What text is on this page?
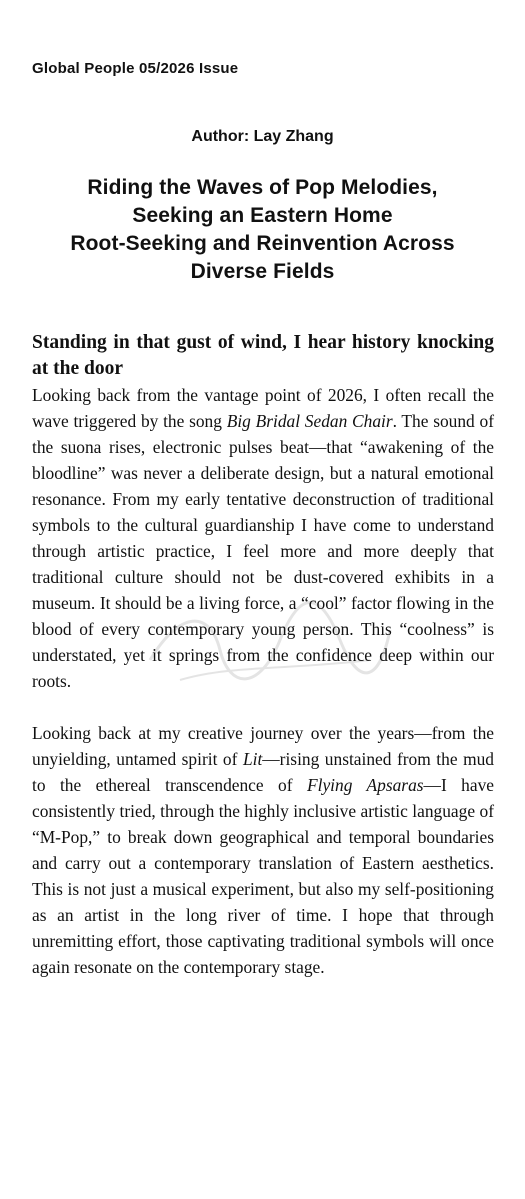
Global People 05/2026 Issue
Author: Lay Zhang
Riding the Waves of Pop Melodies,
Seeking an Eastern Home
Root-Seeking and Reinvention Across
Diverse Fields

Standing in that gust of wind, I hear history knocking at the door

Looking back from the vantage point of 2026, I often recall the wave triggered by the song Big Bridal Sedan Chair. The sound of the suona rises, electronic pulses beat—that “awakening of the bloodline” was never a deliberate design, but a natural emotional resonance. From my early tentative deconstruction of traditional symbols to the cultural guardianship I have come to understand through artistic practice, I feel more and more deeply that traditional culture should not be dust-covered exhibits in a museum. It should be a living force, a “cool” factor flowing in the blood of every contemporary young person. This “coolness” is understated, yet it springs from the confidence deep within our roots.

Looking back at my creative journey over the years—from the unyielding, untamed spirit of Lit—rising unstained from the mud to the ethereal transcendence of Flying Apsaras—I have consistently tried, through the highly inclusive artistic language of “M-Pop,” to break down geographical and temporal boundaries and carry out a contemporary translation of Eastern aesthetics. This is not just a musical experiment, but also my self-positioning as an artist in the long river of time. I hope that through unremitting effort, those captivating traditional symbols will once again resonate on the contemporary stage.
